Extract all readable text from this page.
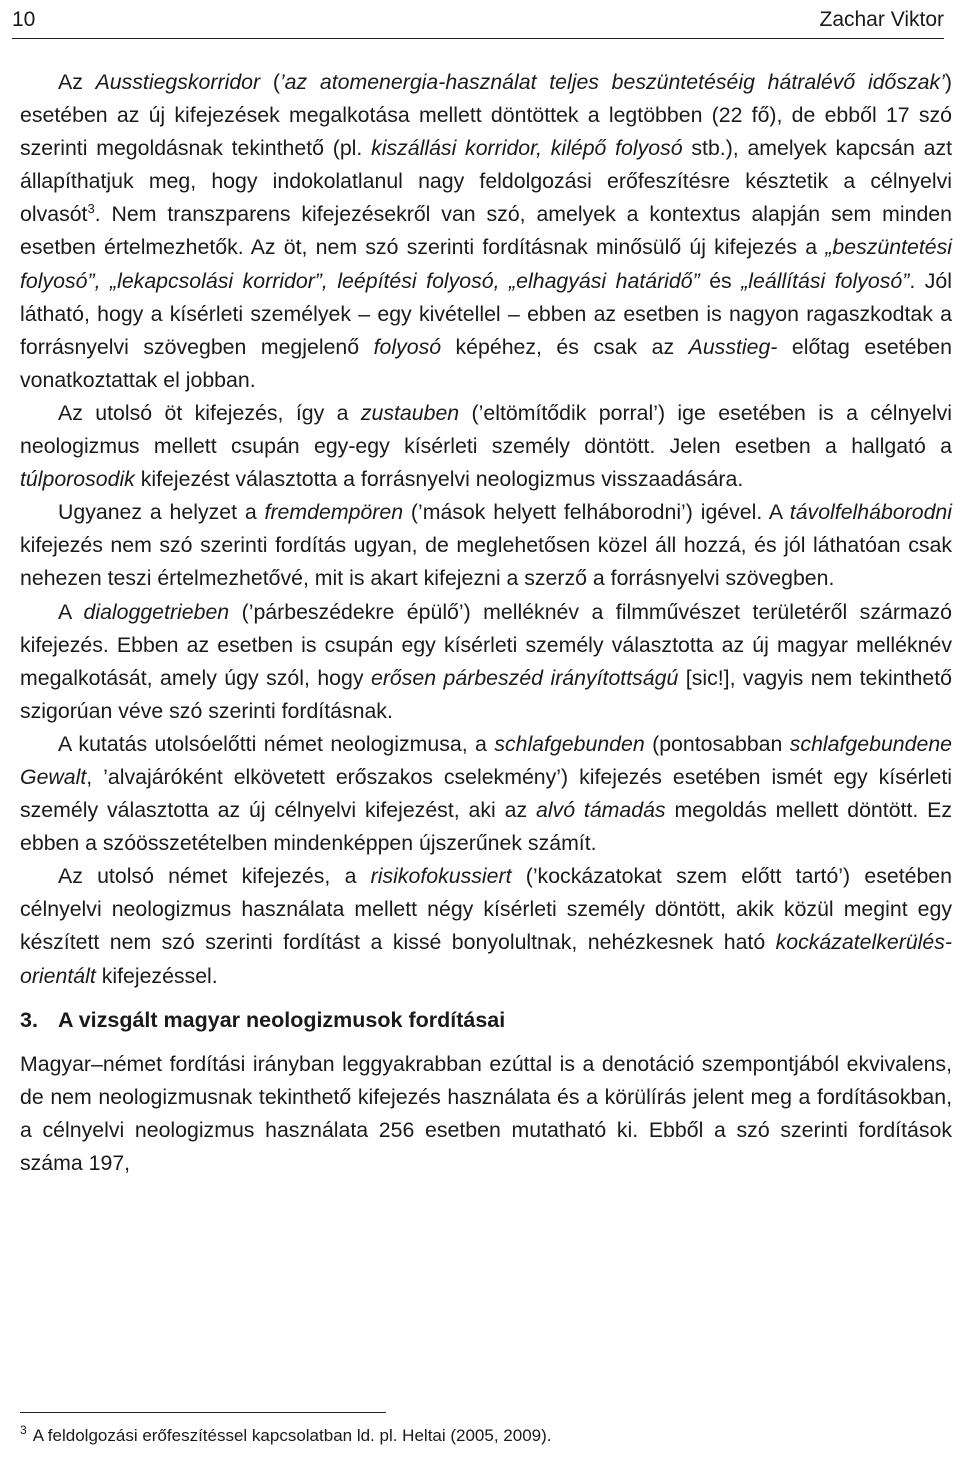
10	Zachar Viktor

Az Ausstiegskorridor (’az atomenergia-használat teljes beszüntetéséig hátralévő időszak’) esetében az új kifejezések megalkotása mellett döntöttek a legtöbben (22 fő), de ebből 17 szó szerinti megoldásnak tekinthető (pl. kiszállási korridor, kilépő folyosó stb.), amelyek kapcsán azt állapíthatjuk meg, hogy indokolatlanul nagy feldolgozási erőfeszítésre késztetik a célnyelvi olvasót$^3$. Nem transzparens kifejezésekről van szó, amelyek a kontextus alapján sem minden esetben értelmezhetők. Az öt, nem szó szerinti fordításnak minősülő új kifejezés a „beszüntetési folyosó”, „lekapcsolási korridor”, leépítési folyosó, „elhagyási határidő” és „leállítási folyosó”. Jól látható, hogy a kísérleti személyek – egy kivétellel – ebben az esetben is nagyon ragaszkodtak a forrásnyelvi szövegben megjelenő folyosó képéhez, és csak az Ausstieg- előtag esetében vonatkoztattak el jobban.

Az utolsó öt kifejezés, így a zustauben (’eltömítődik porral’) ige esetében is a célnyelvi neologizmus mellett csupán egy-egy kísérleti személy döntött. Jelen esetben a hallgató a túlporosodik kifejezést választotta a forrásnyelvi neologizmus visszaadására.

Ugyanez a helyzet a fremdempören (’mások helyett felháborodni’) igével. A távolfelháborodni kifejezés nem szó szerinti fordítás ugyan, de meglehetősen közel áll hozzá, és jól láthatóan csak nehezen teszi értelmezhetővé, mit is akart kifejezni a szerző a forrásnyelvi szövegben.

A dialoggetrieben (’párbeszédekre épülő’) melléknév a filmművészet területéről származó kifejezés. Ebben az esetben is csupán egy kísérleti személy választotta az új magyar melléknév megalkotását, amely úgy szól, hogy erősen párbeszéd irányítottságú [sic!], vagyis nem tekinthető szigorúan véve szó szerinti fordításnak.

A kutatás utolsóelőtti német neologizmusa, a schlafgebunden (pontosabban schlafgebundene Gewalt, ’alvajáróként elkövetett erőszakos cselekmény’) kifejezés esetében ismét egy kísérleti személy választotta az új célnyelvi kifejezést, aki az alvó támadás megoldás mellett döntött. Ez ebben a szóösszetételben mindenképpen újszerűnek számít.

Az utolsó német kifejezés, a risikofokussiert (’kockázatokat szem előtt tartó’) esetében célnyelvi neologizmus használata mellett négy kísérleti személy döntött, akik közül megint egy készített nem szó szerinti fordítást a kissé bonyolultnak, nehézkesnek ható kockázatelkerülés-orientált kifejezéssel.

3. A vizsgált magyar neologizmusok fordításai

Magyar–német fordítási irányban leggyakrabban ezúttal is a denotáció szempontjából ekvivalens, de nem neologizmusnak tekinthető kifejezés használata és a körülírás jelent meg a fordításokban, a célnyelvi neologizmus használata 256 esetben mutatható ki. Ebből a szó szerinti fordítások száma 197,

$^3$ A feldolgozási erőfeszítéssel kapcsolatban ld. pl. Heltai (2005, 2009).
